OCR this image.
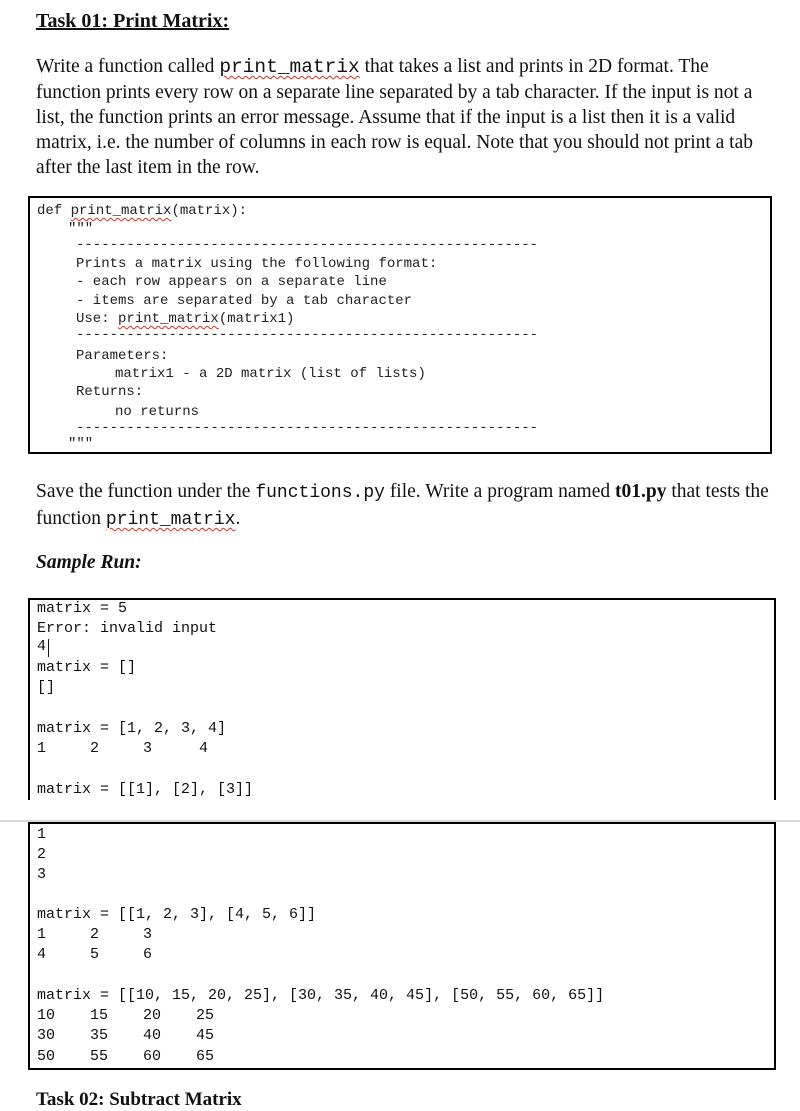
Task 01: Print Matrix:
Write a function called print_matrix that takes a list and prints in 2D format. The function prints every row on a separate line separated by a tab character. If the input is not a list, the function prints an error message. Assume that if the input is a list then it is a valid matrix, i.e. the number of columns in each row is equal. Note that you should not print a tab after the last item in the row.
def print_matrix(matrix):
"""
-------------------------------------------------------
Prints a matrix using the following format:
- each row appears on a separate line
- items are separated by a tab character
Use: print_matrix(matrix1)
-------------------------------------------------------
Parameters:
matrix1 - a 2D matrix (list of lists)
Returns:
no returns
-------------------------------------------------------
"""
Save the function under the functions.py file. Write a program named t01.py that tests the function print_matrix.
Sample Run:
matrix = 5
Error: invalid input
4
matrix = []
[]
matrix = [1, 2, 3, 4]
1	2	3	4
matrix = [[1], [2], [3]]
1
2
3
matrix = [[1, 2, 3], [4, 5, 6]]
1	2	3
4	5	6
matrix = [[10, 15, 20, 25], [30, 35, 40, 45], [50, 55, 60, 65]]
10 15 20 25
30 35 40 45
50 55 60 65
Task 02: Subtract Matrix
